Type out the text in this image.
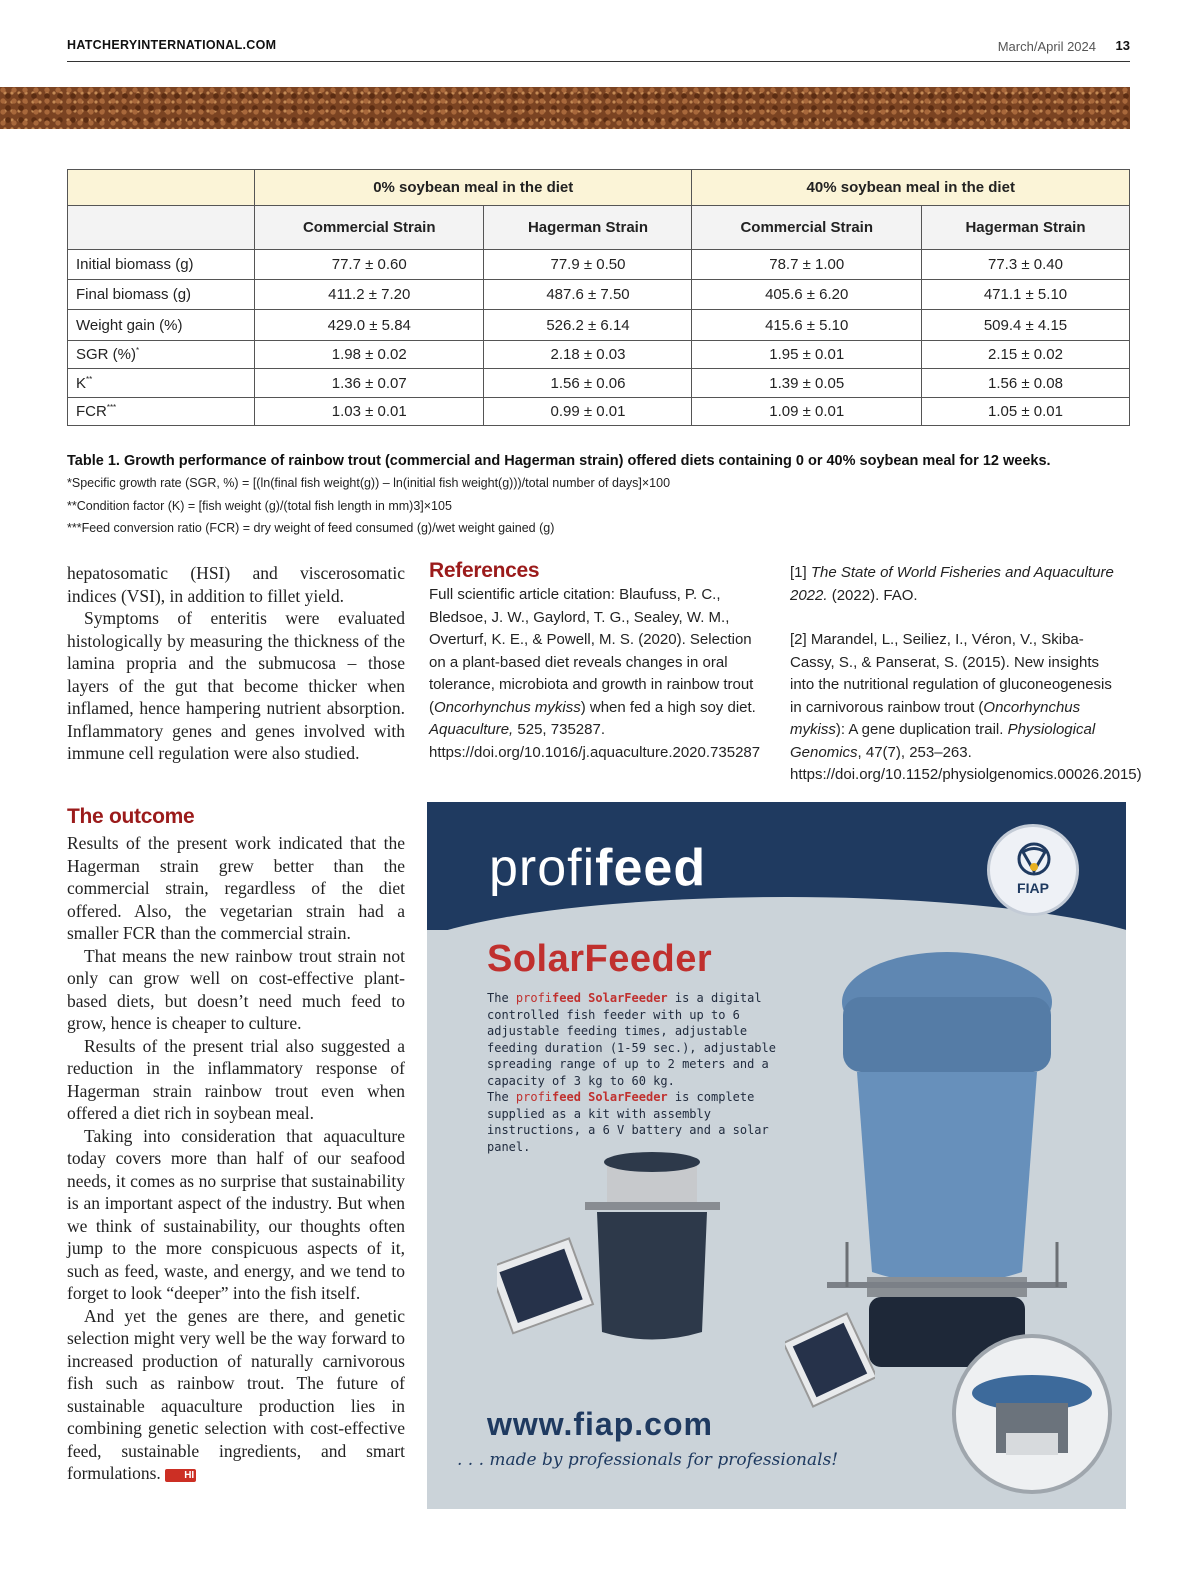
HATCHERYINTERNATIONAL.COM	March/April 2024 13
	0% soybean meal in the diet		40% soybean meal in the diet	
	Commercial Strain	Hagerman Strain	Commercial Strain	Hagerman Strain
Initial biomass (g)	77.7 ± 0.60	77.9 ± 0.50	78.7 ± 1.00	77.3 ± 0.40
Final biomass (g)	411.2 ± 7.20	487.6 ± 7.50	405.6 ± 6.20	471.1 ± 5.10
Weight gain (%)	429.0 ± 5.84	526.2 ± 6.14	415.6 ± 5.10	509.4 ± 4.15
SGR (%)*	1.98 ± 0.02	2.18 ± 0.03	1.95 ± 0.01	2.15 ± 0.02
K**	1.36 ± 0.07	1.56 ± 0.06	1.39 ± 0.05	1.56 ± 0.08
FCR***	1.03 ± 0.01	0.99 ± 0.01	1.09 ± 0.01	1.05 ± 0.01
Table 1. Growth performance of rainbow trout (commercial and Hagerman strain) offered diets containing 0 or 40% soybean meal for 12 weeks.
*Specific growth rate (SGR, %) = [(ln(final fish weight(g)) – ln(initial fish weight(g)))/total number of days]×100
**Condition factor (K) = [fish weight (g)/(total fish length in mm)3]×105
***Feed conversion ratio (FCR) = dry weight of feed consumed (g)/wet weight gained (g)

hepatosomatic (HSI) and viscerosomatic indices (VSI), in addition to fillet yield.

Symptoms of enteritis were evaluated histologically by measuring the thickness of the lamina propria and the submucosa – those layers of the gut that become thicker when inflamed, hence hampering nutrient absorption. Inflammatory genes and genes involved with immune cell regulation were also studied.

The outcome

Results of the present work indicated that the Hagerman strain grew better than the commercial strain, regardless of the diet offered. Also, the vegetarian strain had a smaller FCR than the commercial strain.

That means the new rainbow trout strain not only can grow well on cost-effective plant-based diets, but doesn’t need much feed to grow, hence is cheaper to culture.

Results of the present trial also suggested a reduction in the inflammatory response of Hagerman strain rainbow trout even when offered a diet rich in soybean meal.

Taking into consideration that aquaculture today covers more than half of our seafood needs, it comes as no surprise that sustainability is an important aspect of the industry. But when we think of sustainability, our thoughts often jump to the more conspicuous aspects of it, such as feed, waste, and energy, and we tend to forget to look “deeper” into the fish itself.

And yet the genes are there, and genetic selection might very well be the way forward to increased production of naturally carnivorous fish such as rainbow trout. The future of sustainable aquaculture production lies in combining genetic selection with cost-effective feed, sustainable ingredients, and smart formulations. HI

References
Full scientific article citation: Blaufuss, P. C., Bledsoe, J. W., Gaylord, T. G., Sealey, W. M., Overturf, K. E., & Powell, M. S. (2020). Selection on a plant-based diet reveals changes in oral tolerance, microbiota and growth in rainbow trout (Oncorhynchus mykiss) when fed a high soy diet. Aquaculture, 525, 735287. https://doi.org/10.1016/j.aquaculture.2020.735287
[1] The State of World Fisheries and Aquaculture 2022. (2022). FAO.
[2] Marandel, L., Seiliez, I., Véron, V., Skiba-Cassy, S., & Panserat, S. (2015). New insights into the nutritional regulation of gluconeogenesis in carnivorous rainbow trout (Oncorhynchus mykiss): A gene duplication trail. Physiological Genomics, 47(7), 253–263. https://doi.org/10.1152/physiolgenomics.00026.2015)
profifeed	FIAP
SolarFeeder
The profifeed SolarFeeder is a digital controlled fish feeder with up to 6 adjustable feeding times, adjustable feeding duration (1-59 sec.), adjustable spreading range of up to 2 meters and a capacity of 3 kg to 60 kg.
The profifeed SolarFeeder is complete supplied as a kit with assembly instructions, a 6 V battery and a solar panel.
www.fiap.com
. . . made by professionals for professionals!
